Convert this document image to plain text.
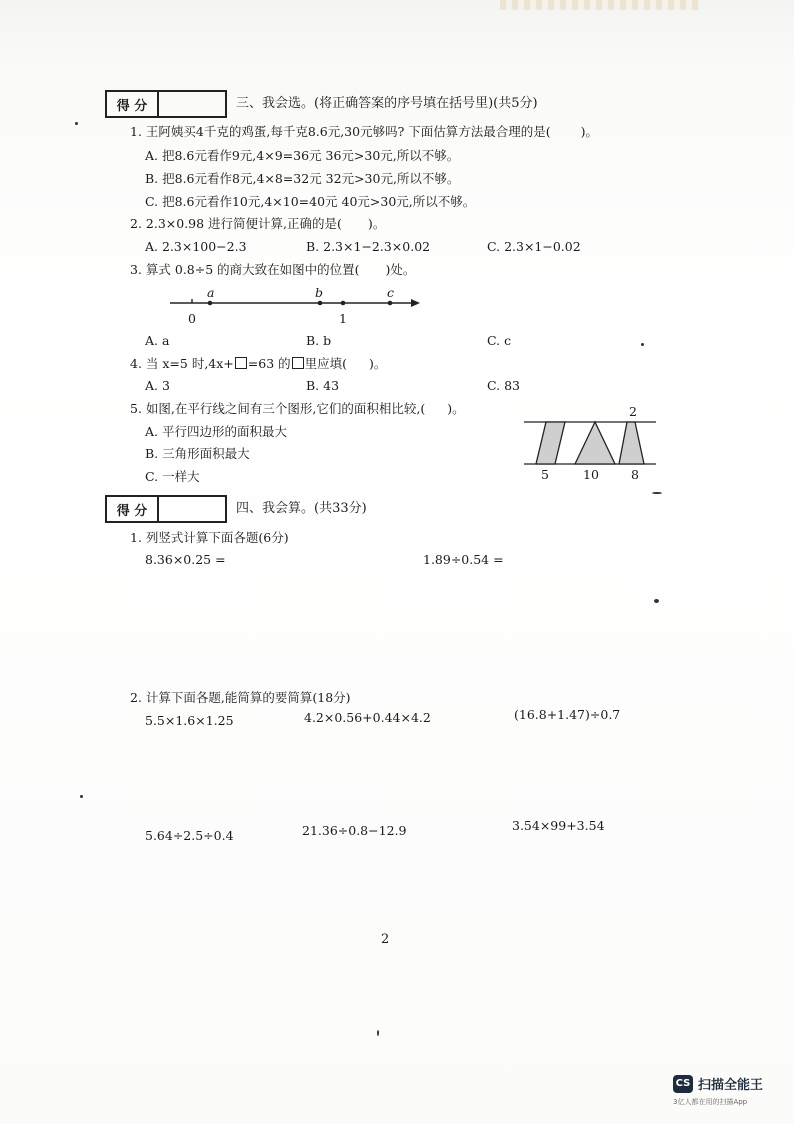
得 分	三、我会选。(将正确答案的序号填在括号里)(共5分)
1. 王阿姨买4千克的鸡蛋,每千克8.6元,30元够吗? 下面估算方法最合理的是( )。
A. 把8.6元看作9元,4×9=36元 36元>30元,所以不够。
B. 把8.6元看作8元,4×8=32元 32元>30元,所以不够。
C. 把8.6元看作10元,4×10=40元 40元>30元,所以不够。
2. 2.3×0.98 进行简便计算,正确的是( )。
A. 2.3×100−2.3	B. 2.3×1−2.3×0.02	C. 2.3×1−0.02
3. 算式 0.8÷5 的商大致在如图中的位置( )处。
a	b	c
0	1
A. a	B. b	C. c
4. 当 x=5 时,4x+ =63 的 里应填( )。
A. 3	B. 43	C. 83
5. 如图,在平行线之间有三个图形,它们的面积相比较,( )。
A. 平行四边形的面积最大
B. 三角形面积最大
C. 一样大
2
5	10	8
得 分	四、我会算。(共33分)
1. 列竖式计算下面各题(6分)
8.36×0.25 =	1.89÷0.54 =
2. 计算下面各题,能简算的要简算(18分)
5.5×1.6×1.25	4.2×0.56+0.44×4.2	(16.8+1.47)÷0.7
5.64÷2.5÷0.4	21.36÷0.8−12.9	3.54×99+3.54
2
CS 扫描全能王
3亿人都在用的扫描App
